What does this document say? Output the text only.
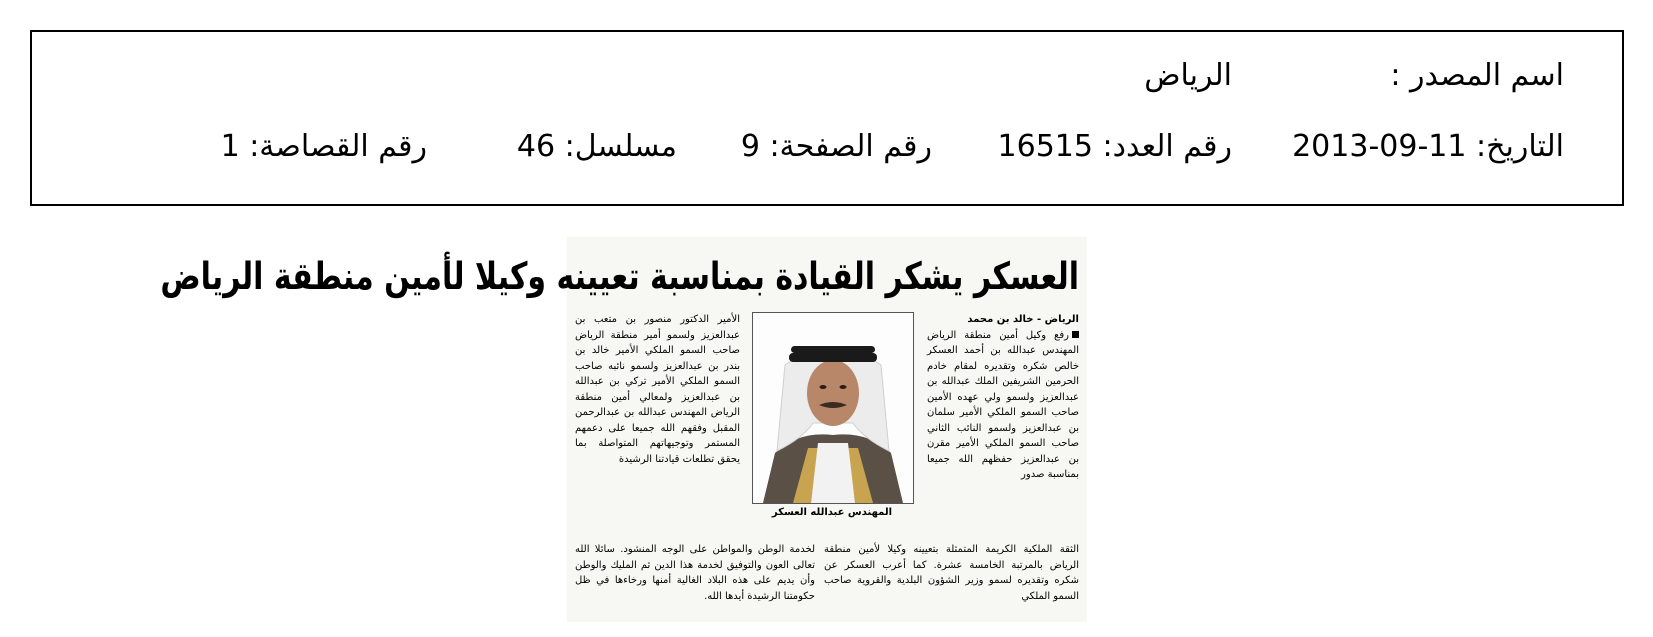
اسم المصدر :
الرياض
التاريخ: 11-09-2013
رقم العدد: 16515
رقم الصفحة: 9
مسلسل: 46
رقم القصاصة: 1
العسكر يشكر القيادة بمناسبة تعيينه وكيلا لأمين منطقة الرياض
الرياض - خالد بن محمد
رفع وكيل أمين منطقة الرياض المهندس عبدالله بن أحمد العسكر خالص شكره وتقديره لمقام خادم الحرمين الشريفين الملك عبدالله بن عبدالعزيز ولسمو ولي عهده الأمين صاحب السمو الملكي الأمير سلمان بن عبدالعزيز ولسمو النائب الثاني صاحب السمو الملكي الأمير مقرن بن عبدالعزيز حفظهم الله جميعا بمناسبة صدور
المهندس عبدالله العسكر
الأمير الدكتور منصور بن متعب بن عبدالعزيز ولسمو أمير منطقة الرياض صاحب السمو الملكي الأمير خالد بن بندر بن عبدالعزيز ولسمو نائبه صاحب السمو الملكي الأمير تركي بن عبدالله بن عبدالعزيز ولمعالي أمين منطقة الرياض المهندس عبدالله بن عبدالرحمن المقبل وفقهم الله جميعا على دعمهم المستمر وتوجيهاتهم المتواصلة بما يحقق تطلعات قيادتنا الرشيدة
الثقة الملكية الكريمة المتمثلة بتعيينه وكيلا لأمين منطقة الرياض بالمرتبة الخامسة عشرة. كما أعرب العسكر عن شكره وتقديره لسمو وزير الشؤون البلدية والقروية صاحب السمو الملكي
لخدمة الوطن والمواطن على الوجه المنشود. سائلا الله تعالى العون والتوفيق لخدمة هذا الدين ثم المليك والوطن وأن يديم على هذه البلاد الغالية أمنها ورخاءها في ظل حكومتنا الرشيدة أيدها الله.
